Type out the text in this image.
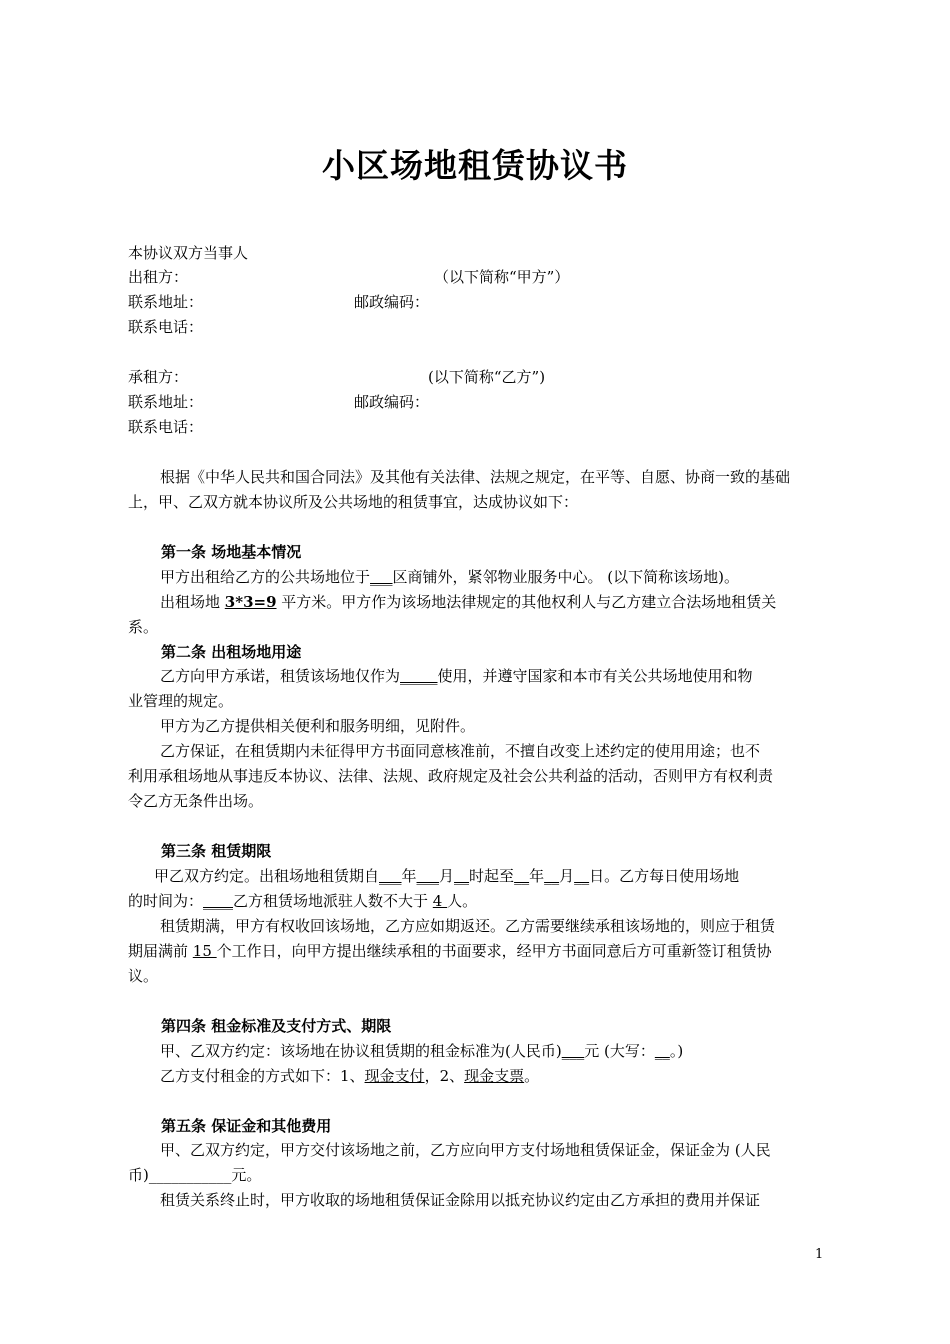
小区场地租赁协议书
本协议双方当事人
出租方：	（以下简称“甲方”）
联系地址：	邮政编码：
联系电话：
承租方：	(以下简称“乙方”)
联系地址：	邮政编码：
联系电话：
根据《中华人民共和国合同法》及其他有关法律、法规之规定，在平等、自愿、协商一致的基础
上，甲、乙双方就本协议所及公共场地的租赁事宜，达成协议如下：
第一条 场地基本情况
甲方出租给乙方的公共场地位于___区商铺外，紧邻物业服务中心。 (以下简称该场地)。
出租场地 3*3=9 平方米。甲方作为该场地法律规定的其他权利人与乙方建立合法场地租赁关
系。
第二条 出租场地用途
乙方向甲方承诺，租赁该场地仅作为_____使用，并遵守国家和本市有关公共场地使用和物
业管理的规定。
甲方为乙方提供相关便利和服务明细，见附件。
乙方保证，在租赁期内未征得甲方书面同意核准前，不擅自改变上述约定的使用用途；也不
利用承租场地从事违反本协议、法律、法规、政府规定及社会公共利益的活动，否则甲方有权利责
令乙方无条件出场。
第三条 租赁期限
甲乙双方约定。出租场地租赁期自___年___月__时起至__年__月__日。乙方每日使用场地
的时间为：____乙方租赁场地派驻人数不大于 4 人。
租赁期满，甲方有权收回该场地，乙方应如期返还。乙方需要继续承租该场地的，则应于租赁
期届满前 15 个工作日，向甲方提出继续承租的书面要求，经甲方书面同意后方可重新签订租赁协
议。
第四条 租金标准及支付方式、期限
甲、乙双方约定：该场地在协议租赁期的租金标准为(人民币)___元 (大写：__。)
乙方支付租金的方式如下：1、现金支付，2、现金支票。
第五条 保证金和其他费用
甲、乙双方约定，甲方交付该场地之前，乙方应向甲方支付场地租赁保证金，保证金为 (人民
币)___________元。
租赁关系终止时，甲方收取的场地租赁保证金除用以抵充协议约定由乙方承担的费用并保证
1
